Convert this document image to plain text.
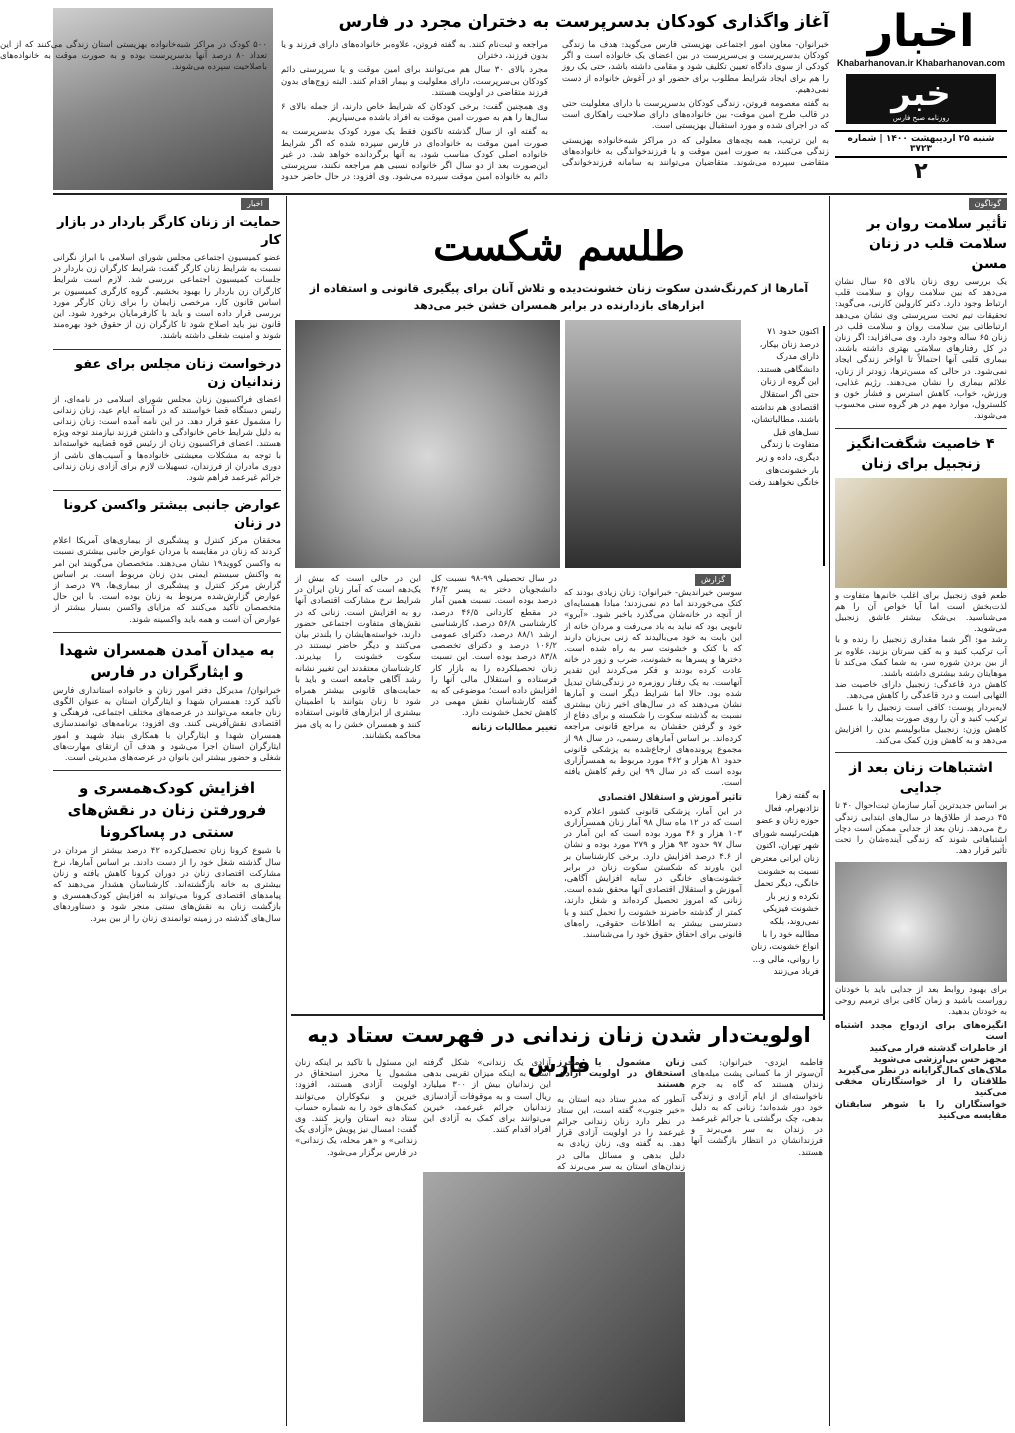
اخبار
Khabarhanovan.ir Khabarhanovan.com
خبر
روزنامه صبح فارس
شنبه ۲۵ اردیبهشت ۱۴۰۰ | شماره ۳۷۲۳
۲
آغاز واگذاری کودکان بدسرپرست به دختران مجرد در فارس

خبرانوان- معاون امور اجتماعی بهزیستی فارس می‌گوید: هدف ما زندگی کودکان بدسرپرست و بی‌سرپرست در بین اعضای یک خانواده است و اگر کودکی از سوی دادگاه تعیین تکلیف شود و مقامی داشته باشد، حتی یک روز را هم برای ایجاد شرایط مطلوب برای حضور او در آغوش خانواده از دست نمی‌دهیم.

به گفته معصومه فروتن، زندگی کودکان بدسرپرست با دارای معلولیت حتی در قالب طرح امین موقت- بین خانواده‌های دارای صلاحیت راهکاری است که در اجرای شده و مورد استقبال بهزیستی است.

به این ترتیب، همه بچه‌های معلولی که در مراکز شبه‌خانواده بهزیستی زندگی می‌کنند، به صورت امین موقت و یا فرزندخواندگی به خانواده‌های متقاضی سپرده می‌شوند. متقاضیان می‌توانند به سامانه فرزندخواندگی مراجعه و ثبت‌نام کنند. به گفته فروتن، علاوه‌بر خانواده‌های دارای فرزند و یا بدون فرزند، دختران

مجرد بالای ۳۰ سال هم می‌توانند برای امین موقت و یا سرپرستی دائم کودکان بی‌سرپرست، دارای معلولیت و بیمار اقدام کنند. البته زوج‌های بدون فرزند متقاضی در اولویت هستند.

وی همچنین گفت: برخی کودکان که شرایط خاص دارند، از جمله بالای ۶ سال‌ها را هم به صورت امین موقت به افراد باشده می‌سپاریم.

به گفته او، از سال گذشته تاکنون فقط یک مورد کودک بدسرپرست به صورت امین موقت به خانواده‌ای در فارس سپرده شده که اگر شرایط خانواده اصلی کودک مناسب شود، به آنها برگردانده خواهد شد. در غیر این‌صورت بعد از دو سال اگر خانواده نسبی هم مراجعه نکنند، سرپرستی دائم به خانواده امین موقت سپرده می‌شود. وی افزود: در حال حاضر حدود ۵۰۰ کودک در مراکز شبه‌خانواده بهزیستی استان زندگی می‌کنند که از این تعداد ۸۰ درصد آنها بدسرپرست بوده و به صورت موقت به خانواده‌های باصلاحیت سپرده می‌شوند.

گوناگون
تأثیر سلامت روان بر سلامت قلب در زنان مسن
یک بررسی روی زنان بالای ۶۵ سال نشان می‌دهد که بین سلامت روان و سلامت قلب ارتباط وجود دارد. دکتر کارولین کارنی، می‌گوید: تحقیقات تیم تحت سرپرستی وی نشان می‌دهد ارتباطاتی بین سلامت روان و سلامت قلب در زنان ۶۵ ساله وجود دارد. وی می‌افزاید: اگر زنان در کل رفتارهای سلامتی بهتری داشته باشند، بیماری قلبی آنها احتمالاً تا اواخر زندگی ایجاد نمی‌شود. در حالی که مسن‌ترها، زودتر از زنان، علائم بیماری را نشان می‌دهند. رژیم غذایی، ورزش، خواب، کاهش استرس و فشار خون و کلسترول، موارد مهم در هر گروه سنی محسوب می‌شوند.
۴ خاصیت شگفت‌انگیز زنجبیل برای زنان
طعم قوی زنجبیل برای اغلب خانم‌ها متفاوت و لذت‌بخش است اما آیا خواص آن را هم می‌شناسید. بی‌شک بیشتر عاشق زنجبیل می‌شوید.
رشد مو: اگر شما مقداری زنجبیل را رنده و با آب ترکیب کنید و به کف سرتان بزنید، علاوه بر از بین بردن شوره سر، به شما کمک می‌کند تا موهایتان رشد بیشتری داشته باشند.
کاهش درد قاعدگی: زنجبیل دارای خاصیت ضد التهابی است و درد قاعدگی را کاهش می‌دهد.
لایه‌بردار پوست: کافی است زنجبیل را با عسل ترکیب کنید و آن را روی صورت بمالید.
کاهش وزن: زنجبیل متابولیسم بدن را افزایش می‌دهد و به کاهش وزن کمک می‌کند.
اشتباهات زنان بعد از جدایی
بر اساس جدیدترین آمار سازمان ثبت‌احوال ۴۰ تا ۴۵ درصد از طلاق‌ها در سال‌های ابتدایی زندگی رخ می‌دهد. زنان بعد از جدایی ممکن است دچار اشتباهاتی شوند که زندگی آینده‌شان را تحت تأثیر قرار دهد.
برای بهبود روابط بعد از جدایی باید با خودتان روراست باشید و زمان کافی برای ترمیم روحی به خودتان بدهید.
انگیزه‌های برای ازدواج مجدد اشتباه است
از خاطرات گذشته فرار می‌کنید
مجهز حس بی‌ارزشی می‌شوید
ملاک‌های کمال‌گرایانه در نظر می‌گیرید
طلاقتان را از خواستگارتان مخفی می‌کنید
خواستگاران را با شوهر سابقتان مقایسه می‌کنید
اخبار
حمایت از زنان کارگر باردار در بازار کار
عضو کمیسیون اجتماعی مجلس شورای اسلامی با ابراز نگرانی نسبت به شرایط زنان کارگر گفت: شرایط کارگران زن باردار در جلسات کمیسیون اجتماعی بررسی شد. لازم است شرایط کارگران زن باردار را بهبود بخشیم. گروه کارگری کمیسیون بر اساس قانون کار، مرخصی زایمان را برای زنان کارگر مورد بررسی قرار داده است و باید با کارفرمایان برخورد شود. این قانون نیز باید اصلاح شود تا کارگران زن از حقوق خود بهره‌مند شوند و امنیت شغلی داشته باشند.
درخواست زنان مجلس برای عفو زندانیان زن
اعضای فراکسیون زنان مجلس شورای اسلامی در نامه‌ای، از رئیس دستگاه قضا خواستند که در آستانه ایام عید، زنان زندانی را مشمول عفو قرار دهد. در این نامه آمده است: زنان زندانی به دلیل شرایط خاص خانوادگی و داشتن فرزند نیازمند توجه ویژه هستند. اعضای فراکسیون زنان از رئیس قوه قضاییه خواسته‌اند با توجه به مشکلات معیشتی خانواده‌ها و آسیب‌های ناشی از دوری مادران از فرزندان، تسهیلات لازم برای آزادی زنان زندانی جرائم غیرعمد فراهم شود.
عوارض جانبی بیشتر واکسن کرونا در زنان
محققان مرکز کنترل و پیشگیری از بیماری‌های آمریکا اعلام کردند که زنان در مقایسه با مردان عوارض جانبی بیشتری نسبت به واکسن کووید۱۹ نشان می‌دهند. متخصصان می‌گویند این امر به واکنش سیستم ایمنی بدن زنان مربوط است. بر اساس گزارش مرکز کنترل و پیشگیری از بیماری‌ها، ۷۹ درصد از عوارض گزارش‌شده مربوط به زنان بوده است. با این حال متخصصان تأکید می‌کنند که مزایای واکسن بسیار بیشتر از عوارض آن است و همه باید واکسینه شوند.
به میدان آمدن همسران شهدا و ایثارگران در فارس
خبرانوان/ مدیرکل دفتر امور زنان و خانواده استانداری فارس تأکید کرد: همسران شهدا و ایثارگران استان به عنوان الگوی زنان جامعه می‌توانند در عرصه‌های مختلف اجتماعی، فرهنگی و اقتصادی نقش‌آفرینی کنند. وی افزود: برنامه‌های توانمندسازی همسران شهدا و ایثارگران با همکاری بنیاد شهید و امور ایثارگران استان اجرا می‌شود و هدف آن ارتقای مهارت‌های شغلی و حضور بیشتر این بانوان در عرصه‌های مدیریتی است.
افزایش کودک‌همسری و فرورفتن زنان در نقش‌های سنتی در پساکرونا
با شیوع کرونا زنان تحصیل‌کرده ۴۲ درصد بیشتر از مردان در سال گذشته شغل خود را از دست دادند. بر اساس آمارها، نرخ مشارکت اقتصادی زنان در دوران کرونا کاهش یافته و زنان بیشتری به خانه بازگشته‌اند. کارشناسان هشدار می‌دهند که پیامدهای اقتصادی کرونا می‌تواند به افزایش کودک‌همسری و بازگشت زنان به نقش‌های سنتی منجر شود و دستاوردهای سال‌های گذشته در زمینه توانمندی زنان را از بین ببرد.
طلسم شکست
آمارها از کم‌رنگ‌شدن سکوت زنان خشونت‌دیده و تلاش آنان برای پیگیری قانونی و استفاده از ابزارهای بازدارنده در برابر همسران خشن خبر می‌دهد
اکنون حدود ۷۱ درصد زنان بیکار، دارای مدرک دانشگاهی هستند. این گروه از زنان حتی اگر استقلال اقتصادی هم نداشته باشند، مطالباتشان، نسل‌های قبل متفاوت با زندگی دیگری، داده و زیر بار خشونت‌های خانگی نخواهند رفت
گزارش

سوسن خیراندیش- خبرانوان: زنان زیادی بودند که کتک می‌خوردند اما دم نمی‌زدند؛ مبادا همسایه‌ای از آنچه در خانه‌شان می‌گذرد باخبر شود. «آبرو» تابویی بود که نباید به باد می‌رفت و مردان خانه از این بابت به خود می‌بالیدند که زنی بی‌زبان دارند که با کتک و خشونت سر به راه شده است. دخترها و پسرها به خشونت، ضرب و زور در خانه عادت کرده بودند و فکر می‌کردند این تقدیر آنهاست. به یک رفتار روزمره در زندگی‌شان تبدیل شده بود. حالا اما شرایط دیگر است و آمارها نشان می‌دهند که در سال‌های اخیر زنان بیشتری نسبت به گذشته سکوت را شکسته و برای دفاع از خود و گرفتن حقشان به مراجع قانونی مراجعه کرده‌اند. بر اساس آمارهای رسمی، در سال ۹۸ از مجموع پرونده‌های ارجاع‌شده به پزشکی قانونی حدود ۸۱ هزار و ۴۶۲ مورد مربوط به همسرآزاری بوده است که در سال ۹۹ این رقم کاهش یافته است.

تاثیر آموزش و استقلال اقتصادی

در این آمار، پزشکی قانونی کشور اعلام کرده است که در ۱۲ ماه سال ۹۸ آمار زنان همسرآزاری ۱۰۳ هزار و ۴۶ مورد بوده است که این آمار در سال ۹۷ حدود ۹۳ هزار و ۲۷۹ مورد بوده و نشان از ۴.۶ درصد افزایش دارد. برخی کارشناسان بر این باورند که شکستن سکوت زنان در برابر خشونت‌های خانگی در سایه افزایش آگاهی، آموزش و استقلال اقتصادی آنها محقق شده است. زنانی که امروز تحصیل کرده‌اند و شغل دارند، کمتر از گذشته حاضرند خشونت را تحمل کنند و با دسترسی بیشتر به اطلاعات حقوقی، راه‌های قانونی برای احقاق حقوق خود را می‌شناسند.

به گفته زهرا نژادبهرام، فعال حوزه زنان و عضو هیئت‌رئیسه شورای شهر تهران، اکنون زنان ایرانی معترض نسبت به خشونت خانگی، دیگر تحمل نکرده و زیر بار خشونت فیزیکی نمی‌روند، بلکه مطالبه خود را با انواع خشونت، زنان را روانی، مالی و... فرباد می‌زنند

در سال تحصیلی ۹۹-۹۸ نسبت کل دانشجویان دختر به پسر ۴۶/۲ درصد بوده است. نسبت همین آمار در مقطع کاردانی ۴۶/۵ درصد، کارشناسی ۵۶/۸ درصد، کارشناسی ارشد ۸۸/۱ درصد، دکترای عمومی ۱۰۶/۲ درصد و دکترای تخصصی ۸۳/۸ درصد بوده است. این نسبت زنان تحصیلکرده را به بازار کار فرستاده و استقلال مالی آنها را افزایش داده است؛ موضوعی که به گفته کارشناسان نقش مهمی در کاهش تحمل خشونت دارد.

تغییر مطالبات زنانه

این در حالی است که بیش از یک‌دهه است که آمار زنان ایران در شرایط نرخ مشارکت اقتصادی آنها رو به افزایش است. زنانی که در نقش‌های متفاوت اجتماعی حضور دارند، خواسته‌هایشان را بلندتر بیان می‌کنند و دیگر حاضر نیستند در سکوت خشونت را بپذیرند. کارشناسان معتقدند این تغییر نشانه رشد آگاهی جامعه است و باید با حمایت‌های قانونی بیشتر همراه شود تا زنان بتوانند با اطمینان بیشتری از ابزارهای قانونی استفاده کنند و همسران خشن را به پای میز محاکمه بکشانند.

اولویت‌دار شدن زنان زندانی در فهرست ستاد دیه فارس	فاطمه ایزدی- خبرانوان: کمی آن‌سوتر از ما کسانی پشت میله‌های زندان هستند که گاه به جرم ناخواسته‌ای از ایام آزادی و زندگی خود دور شده‌اند؛ زنانی که به دلیل بدهی، چک برگشتی یا جرائم غیرعمد در زندان به سر می‌برند و فرزندانشان در انتظار بازگشت آنها هستند.

زنان مشمول یا محرز استحقاق در اولویت آزادی هستند

آنطور که مدیر ستاد دیه استان به «خبر جنوب» گفته است، این ستاد در نظر دارد زنان زندانی جرائم غیرعمد را در اولویت آزادی قرار دهد. به گفته وی، زنان زیادی به دلیل بدهی و مسائل مالی در زندان‌های استان به سر می‌برند که

آزادی یک زندانی» شکل گرفته است. به اینکه میزان تقریبی بدهی این زندانیان بیش از ۳۰۰ میلیارد ریال است و به موقوفات آزادسازی زندانیان جرائم غیرعمد، خیرین می‌توانند برای کمک به آزادی این افراد اقدام کنند.

این مسئول با تاکید بر اینکه زنان مشمول یا محرز استحقاق در اولویت آزادی هستند، افزود: خیرین و نیکوکاران می‌توانند کمک‌های خود را به شماره حساب ستاد دیه استان واریز کنند. وی گفت: امسال نیز پویش «آزادی یک زندانی» و «هر محله، یک زندانی» در فارس برگزار می‌شود.
